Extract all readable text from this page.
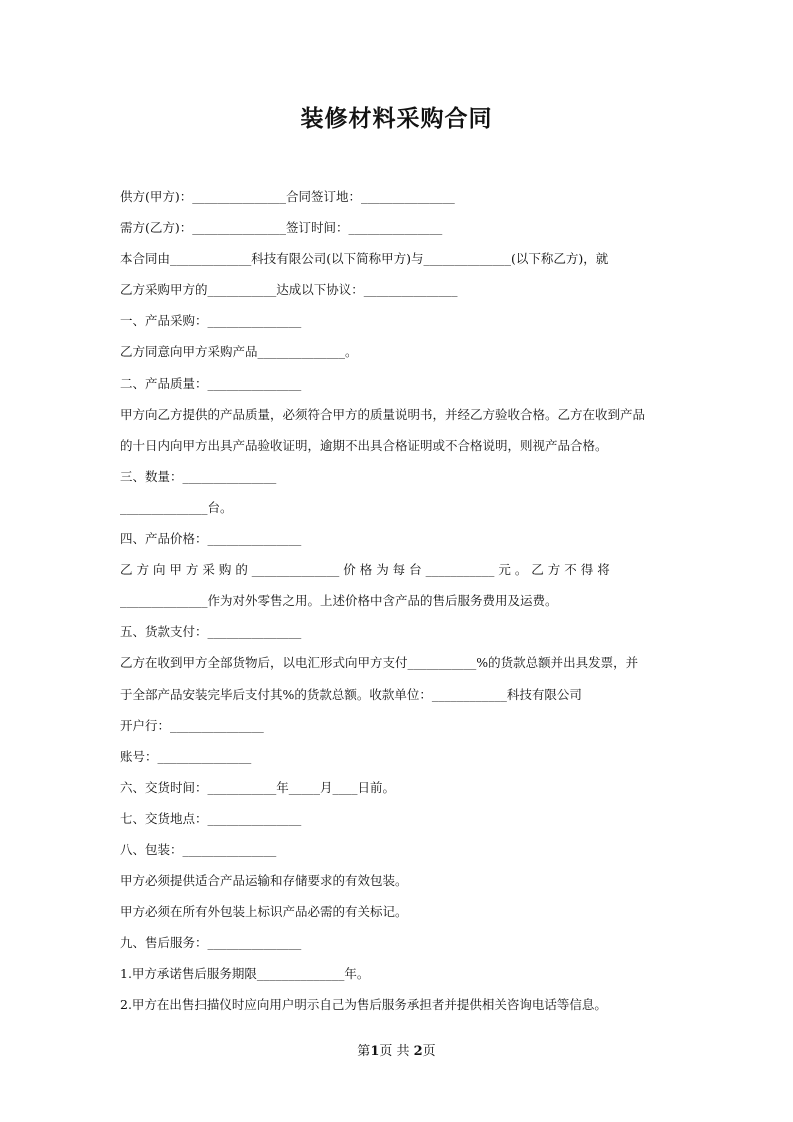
装修材料采购合同
供方(甲方)：_______________合同签订地：_______________
需方(乙方)：_______________签订时间：_______________
本合同由_____________科技有限公司(以下简称甲方)与______________(以下称乙方)，就
乙方采购甲方的___________达成以下协议：_______________
一、产品采购：_______________
乙方同意向甲方采购产品______________。
二、产品质量：_______________
甲方向乙方提供的产品质量，必须符合甲方的质量说明书，并经乙方验收合格。乙方在收到产品
的十日内向甲方出具产品验收证明，逾期不出具合格证明或不合格说明，则视产品合格。
三、数量：_______________
______________台。
四、产品价格：_______________
乙 方 向 甲 方 采 购 的 ______________ 价 格 为 每 台 ___________ 元 。 乙 方 不 得 将
______________作为对外零售之用。上述价格中含产品的售后服务费用及运费。
五、货款支付：_______________
乙方在收到甲方全部货物后，以电汇形式向甲方支付___________%的货款总额并出具发票，并
于全部产品安装完毕后支付其%的货款总额。收款单位：____________科技有限公司
开户行：_______________
账号：_______________
六、交货时间：___________年_____月____日前。
七、交货地点：_______________
八、包装：_______________
甲方必须提供适合产品运输和存储要求的有效包装。
甲方必须在所有外包装上标识产品必需的有关标记。
九、售后服务：_______________
1.甲方承诺售后服务期限______________年。
2.甲方在出售扫描仪时应向用户明示自己为售后服务承担者并提供相关咨询电话等信息。
第1页 共 2页
